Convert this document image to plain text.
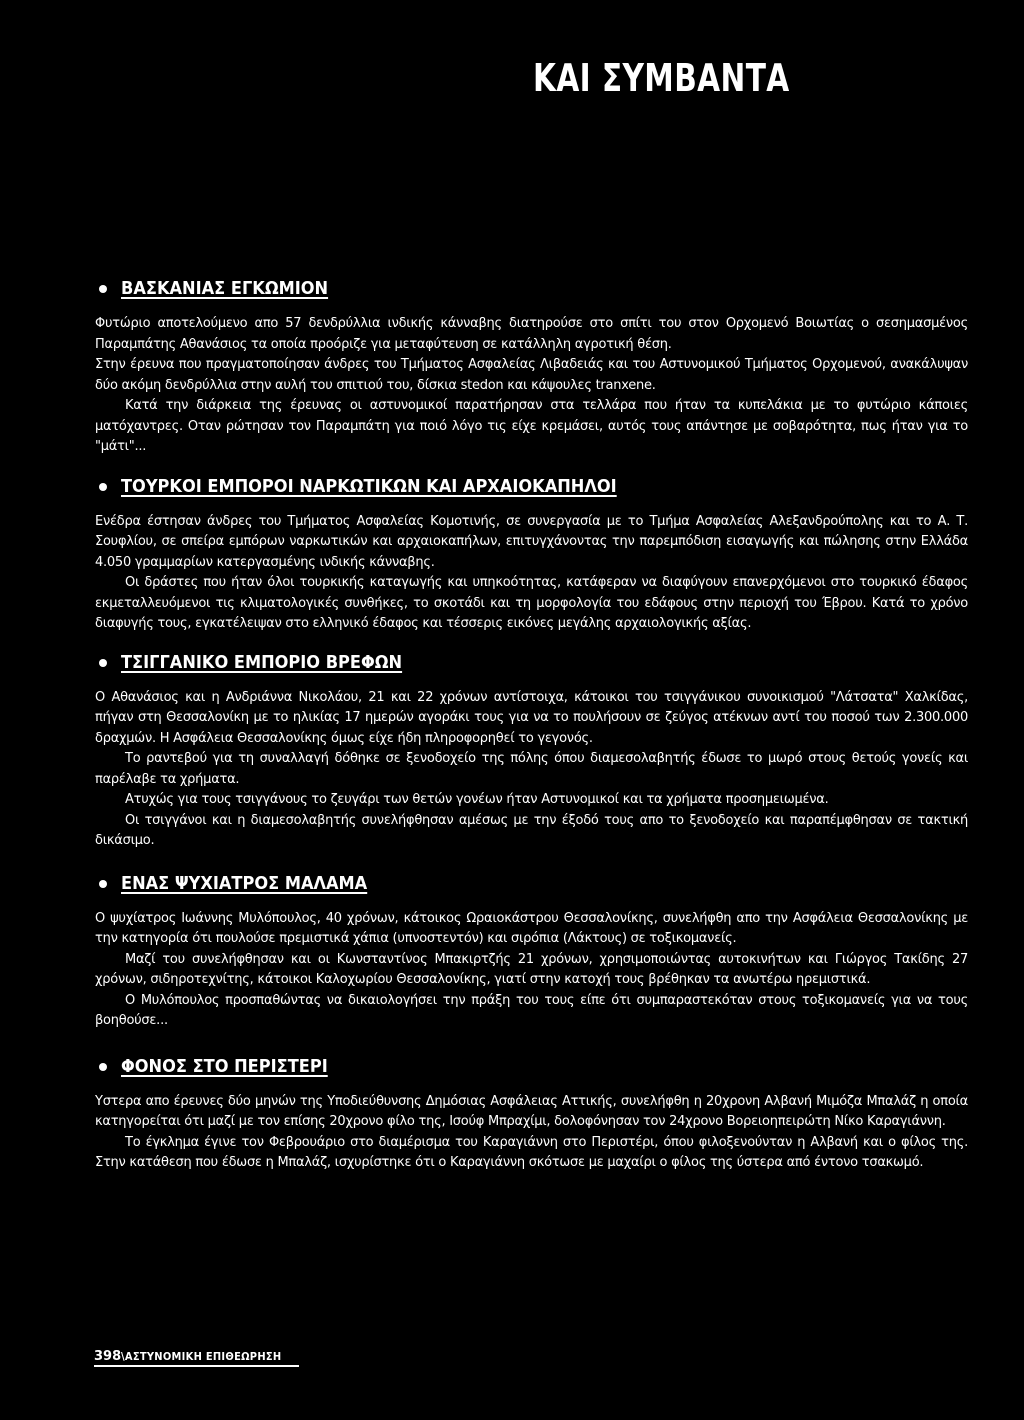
ΚΑΙ ΣΥΜΒΑΝΤΑ
ΒΑΣΚΑΝΙΑΣ ΕΓΚΩΜΙΟΝ

Φυτώριο αποτελούμενο απο 57 δενδρύλλια ινδικής κάνναβης διατηρούσε στο σπίτι του στον Ορχομενό Βοιωτίας ο σεσημασμένος Παραμπάτης Αθανάσιος τα οποία προόριζε για μεταφύτευση σε κατάλληλη αγροτική θέση.

Στην έρευνα που πραγματοποίησαν άνδρες του Τμήματος Ασφαλείας Λιβαδειάς και του Αστυνομικού Τμήματος Ορχομενού, ανακάλυψαν δύο ακόμη δενδρύλλια στην αυλή του σπιτιού του, δίσκια stedon και κάψουλες tranxene.

Κατά την διάρκεια της έρευνας οι αστυνομικοί παρατήρησαν στα τελλάρα που ήταν τα κυπελάκια με το φυτώριο κάποιες ματόχαντρες. Οταν ρώτησαν τον Παραμπάτη για ποιό λόγο τις είχε κρεμάσει, αυτός τους απάντησε με σοβαρότητα, πως ήταν για το "μάτι"...

ΤΟΥΡΚΟΙ ΕΜΠΟΡΟΙ ΝΑΡΚΩΤΙΚΩΝ ΚΑΙ ΑΡΧΑΙΟΚΑΠΗΛΟΙ

Ενέδρα έστησαν άνδρες του Τμήματος Ασφαλείας Κομοτινής, σε συνεργασία με το Τμήμα Ασφαλείας Αλεξανδρούπολης και το Α. Τ. Σουφλίου, σε σπείρα εμπόρων ναρκωτικών και αρχαιοκαπήλων, επιτυγχάνοντας την παρεμπόδιση εισαγωγής και πώλησης στην Ελλάδα 4.050 γραμμαρίων κατεργασμένης ινδικής κάνναβης.

Οι δράστες που ήταν όλοι τουρκικής καταγωγής και υπηκοότητας, κατάφεραν να διαφύγουν επανερχόμενοι στο τουρκικό έδαφος εκμεταλλευόμενοι τις κλιματολογικές συνθήκες, το σκοτάδι και τη μορφολογία του εδάφους στην περιοχή του Έβρου. Κατά το χρόνο διαφυγής τους, εγκατέλειψαν στο ελληνικό έδαφος και τέσσερις εικόνες μεγάλης αρχαιολογικής αξίας.

ΤΣΙΓΓΑΝΙΚΟ ΕΜΠΟΡΙΟ ΒΡΕΦΩΝ

Ο Αθανάσιος και η Ανδριάννα Νικολάου, 21 και 22 χρόνων αντίστοιχα, κάτοικοι του τσιγγάνικου συνοικισμού "Λάτσατα" Χαλκίδας, πήγαν στη Θεσσαλονίκη με το ηλικίας 17 ημερών αγοράκι τους για να το πουλήσουν σε ζεύγος ατέκνων αντί του ποσού των 2.300.000 δραχμών. Η Ασφάλεια Θεσσαλονίκης όμως είχε ήδη πληροφορηθεί το γεγονός.

Το ραντεβού για τη συναλλαγή δόθηκε σε ξενοδοχείο της πόλης όπου διαμεσολαβητής έδωσε το μωρό στους θετούς γονείς και παρέλαβε τα χρήματα.

Ατυχώς για τους τσιγγάνους το ζευγάρι των θετών γονέων ήταν Αστυνομικοί και τα χρήματα προσημειωμένα.

Οι τσιγγάνοι και η διαμεσολαβητής συνελήφθησαν αμέσως με την έξοδό τους απο το ξενοδοχείο και παραπέμφθησαν σε τακτική δικάσιμο.

ΕΝΑΣ ΨΥΧΙΑΤΡΟΣ ΜΑΛΑΜΑ

Ο ψυχίατρος Ιωάννης Μυλόπουλος, 40 χρόνων, κάτοικος Ωραιοκάστρου Θεσσαλονίκης, συνελήφθη απο την Ασφάλεια Θεσσαλονίκης με την κατηγορία ότι πουλούσε πρεμιστικά χάπια (υπνοστεντόν) και σιρόπια (Λάκτους) σε τοξικομανείς.

Μαζί του συνελήφθησαν και οι Κωνσταντίνος Μπακιρτζής 21 χρόνων, χρησιμοποιώντας αυτοκινήτων και Γιώργος Τακίδης 27 χρόνων, σιδηροτεχνίτης, κάτοικοι Καλοχωρίου Θεσσαλονίκης, γιατί στην κατοχή τους βρέθηκαν τα ανωτέρω ηρεμιστικά.

Ο Μυλόπουλος προσπαθώντας να δικαιολογήσει την πράξη του τους είπε ότι συμπαραστεκόταν στους τοξικομανείς για να τους βοηθούσε...

ΦΟΝΟΣ ΣΤΟ ΠΕΡΙΣΤΕΡΙ

Υστερα απο έρευνες δύο μηνών της Υποδιεύθυνσης Δημόσιας Ασφάλειας Αττικής, συνελήφθη η 20χρονη Αλβανή Μιμόζα Μπαλάζ η οποία κατηγορείται ότι μαζί με τον επίσης 20χρονο φίλο της, Ισούφ Μπραχίμι, δολοφόνησαν τον 24χρονο Βορειοηπειρώτη Νίκο Καραγιάννη.

Το έγκλημα έγινε τον Φεβρουάριο στο διαμέρισμα του Καραγιάννη στο Περιστέρι, όπου φιλοξενούνταν η Αλβανή και ο φίλος της. Στην κατάθεση που έδωσε η Μπαλάζ, ισχυρίστηκε ότι ο Καραγιάννη σκότωσε με μαχαίρι ο φίλος της ύστερα από έντονο τσακωμό.

398 \ΑΣΤΥΝΟΜΙΚΗ ΕΠΙΘΕΩΡΗΣΗ
